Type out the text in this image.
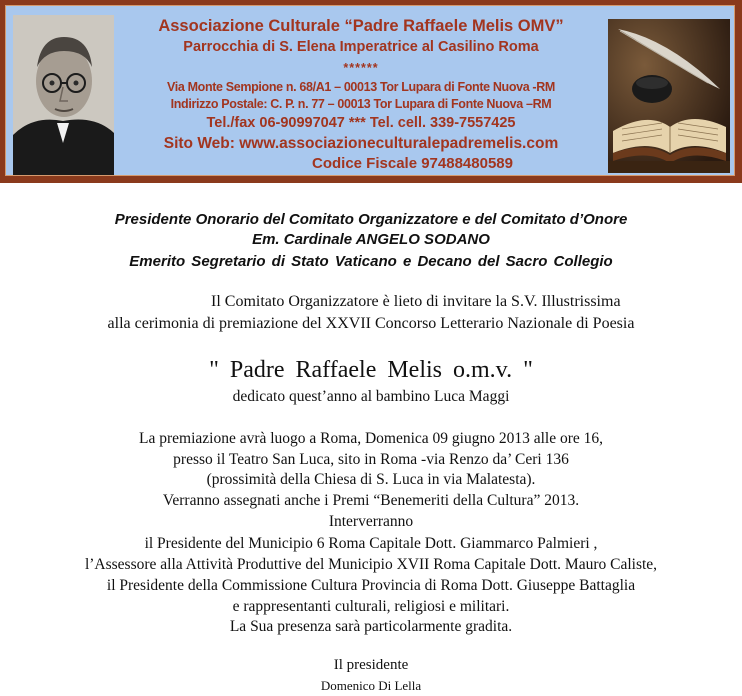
Associazione Culturale “Padre Raffaele Melis OMV”
Parrocchia di S. Elena Imperatrice al Casilino Roma
******
Via Monte Sempione n. 68/A1 – 00013 Tor Lupara di Fonte Nuova -RM
Indirizzo Postale: C. P. n. 77 – 00013 Tor Lupara di Fonte Nuova –RM
Tel./fax 06-90997047 *** Tel. cell. 339-7557425
Sito Web: www.associazioneculturalepadremelis.com
Codice Fiscale 97488480589
Presidente Onorario del Comitato Organizzatore e del Comitato d’Onore
Em. Cardinale ANGELO SODANO
Emerito Segretario di Stato Vaticano e Decano del Sacro Collegio
Il Comitato Organizzatore è lieto di invitare la S.V. Illustrissima
alla cerimonia di premiazione del XXVII Concorso Letterario Nazionale di Poesia
" Padre Raffaele Melis o.m.v. "
dedicato quest’anno al bambino Luca Maggi
La premiazione avrà luogo a Roma, Domenica 09 giugno 2013 alle ore 16,
presso il Teatro San Luca, sito in Roma -via Renzo da’ Ceri 136
(prossimità della Chiesa di S. Luca in via Malatesta).
Verranno assegnati anche i Premi “Benemeriti della Cultura” 2013.
Interverranno
il Presidente del Municipio 6 Roma Capitale Dott. Giammarco Palmieri ,
l’Assessore alla Attività Produttive del Municipio XVII Roma Capitale Dott. Mauro Caliste,
il Presidente della Commissione Cultura Provincia di Roma Dott. Giuseppe Battaglia
e rappresentanti culturali, religiosi e militari.
La Sua presenza sarà particolarmente gradita.
Il presidente
Domenico Di Lella
